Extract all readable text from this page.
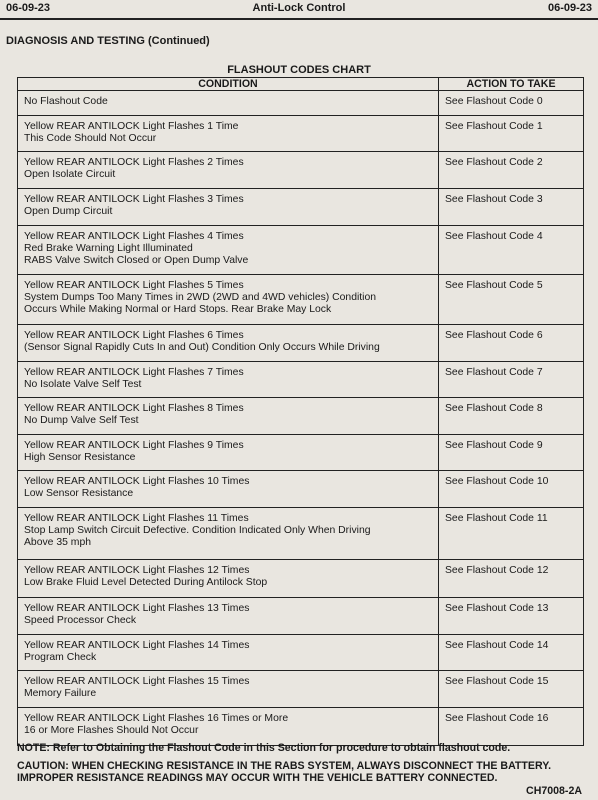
06-09-23	Anti-Lock Control	06-09-23
DIAGNOSIS AND TESTING (Continued)
FLASHOUT CODES CHART
CONDITION	ACTION TO TAKE

No Flashout Code	See Flashout Code 0

Yellow REAR ANTILOCK Light Flashes 1 Time
This Code Should Not Occur	See Flashout Code 1

Yellow REAR ANTILOCK Light Flashes 2 Times
Open Isolate Circuit	See Flashout Code 2

Yellow REAR ANTILOCK Light Flashes 3 Times
Open Dump Circuit	See Flashout Code 3

Yellow REAR ANTILOCK Light Flashes 4 Times
Red Brake Warning Light Illuminated
RABS Valve Switch Closed or Open Dump Valve	See Flashout Code 4

Yellow REAR ANTILOCK Light Flashes 5 Times
System Dumps Too Many Times in 2WD (2WD and 4WD vehicles) Condition
Occurs While Making Normal or Hard Stops. Rear Brake May Lock	See Flashout Code 5

Yellow REAR ANTILOCK Light Flashes 6 Times
(Sensor Signal Rapidly Cuts In and Out) Condition Only Occurs While Driving	See Flashout Code 6

Yellow REAR ANTILOCK Light Flashes 7 Times
No Isolate Valve Self Test	See Flashout Code 7

Yellow REAR ANTILOCK Light Flashes 8 Times
No Dump Valve Self Test	See Flashout Code 8

Yellow REAR ANTILOCK Light Flashes 9 Times
High Sensor Resistance	See Flashout Code 9

Yellow REAR ANTILOCK Light Flashes 10 Times
Low Sensor Resistance	See Flashout Code 10

Yellow REAR ANTILOCK Light Flashes 11 Times
Stop Lamp Switch Circuit Defective. Condition Indicated Only When Driving
Above 35 mph	See Flashout Code 11

Yellow REAR ANTILOCK Light Flashes 12 Times
Low Brake Fluid Level Detected During Antilock Stop	See Flashout Code 12

Yellow REAR ANTILOCK Light Flashes 13 Times
Speed Processor Check	See Flashout Code 13

Yellow REAR ANTILOCK Light Flashes 14 Times
Program Check	See Flashout Code 14

Yellow REAR ANTILOCK Light Flashes 15 Times
Memory Failure	See Flashout Code 15

Yellow REAR ANTILOCK Light Flashes 16 Times or More
16 or More Flashes Should Not Occur	See Flashout Code 16
NOTE: Refer to Obtaining the Flashout Code in this Section for procedure to obtain flashout code.
CAUTION: WHEN CHECKING RESISTANCE IN THE RABS SYSTEM, ALWAYS DISCONNECT THE BATTERY.
IMPROPER RESISTANCE READINGS MAY OCCUR WITH THE VEHICLE BATTERY CONNECTED.
CH7008-2A
